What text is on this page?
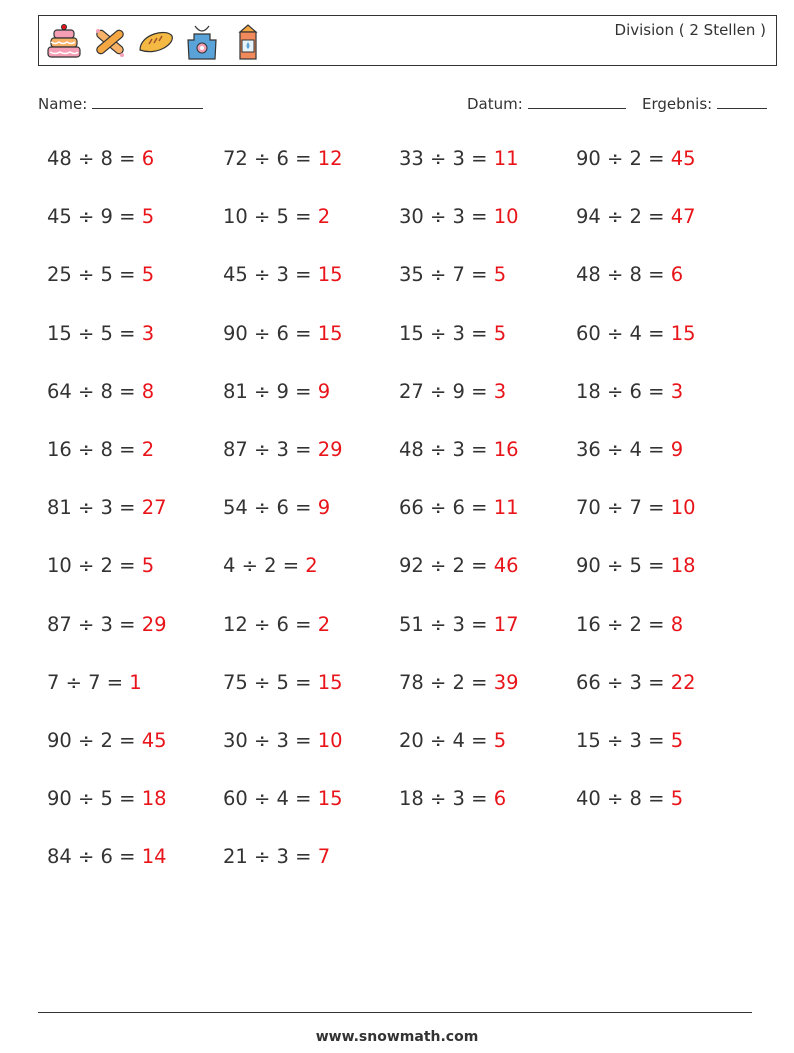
Division ( 2 Stellen )
Name:	Datum:	Ergebnis:
48 ÷ 8 = 6
45 ÷ 9 = 5
25 ÷ 5 = 5
15 ÷ 5 = 3
64 ÷ 8 = 8
16 ÷ 8 = 2
81 ÷ 3 = 27
10 ÷ 2 = 5
87 ÷ 3 = 29
7 ÷ 7 = 1
90 ÷ 2 = 45
90 ÷ 5 = 18
84 ÷ 6 = 14
72 ÷ 6 = 12
10 ÷ 5 = 2
45 ÷ 3 = 15
90 ÷ 6 = 15
81 ÷ 9 = 9
87 ÷ 3 = 29
54 ÷ 6 = 9
4 ÷ 2 = 2
12 ÷ 6 = 2
75 ÷ 5 = 15
30 ÷ 3 = 10
60 ÷ 4 = 15
21 ÷ 3 = 7
33 ÷ 3 = 11
30 ÷ 3 = 10
35 ÷ 7 = 5
15 ÷ 3 = 5
27 ÷ 9 = 3
48 ÷ 3 = 16
66 ÷ 6 = 11
92 ÷ 2 = 46
51 ÷ 3 = 17
78 ÷ 2 = 39
20 ÷ 4 = 5
18 ÷ 3 = 6
90 ÷ 2 = 45
94 ÷ 2 = 47
48 ÷ 8 = 6
60 ÷ 4 = 15
18 ÷ 6 = 3
36 ÷ 4 = 9
70 ÷ 7 = 10
90 ÷ 5 = 18
16 ÷ 2 = 8
66 ÷ 3 = 22
15 ÷ 3 = 5
40 ÷ 8 = 5
www.snowmath.com
